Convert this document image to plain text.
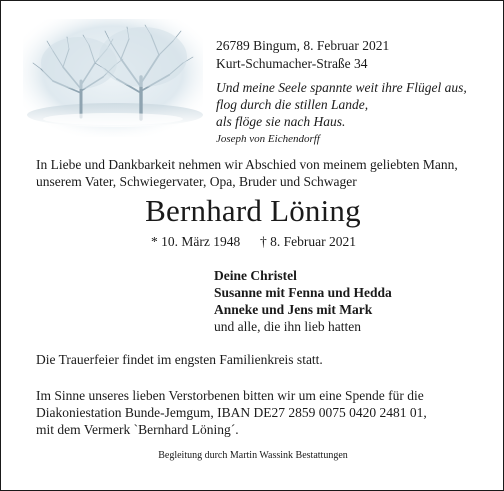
26789 Bingum, 8. Februar 2021
Kurt-Schumacher-Straße 34
Und meine Seele spannte weit ihre Flügel aus,
flog durch die stillen Lande,
als flöge sie nach Haus.
Joseph von Eichendorff
In Liebe und Dankbarkeit nehmen wir Abschied von meinem geliebten Mann,
unserem Vater, Schwiegervater, Opa, Bruder und Schwager
Bernhard Löning
* 10. März 1948 † 8. Februar 2021
Deine Christel
Susanne mit Fenna und Hedda
Anneke und Jens mit Mark
und alle, die ihn lieb hatten
Die Trauerfeier findet im engsten Familienkreis statt.
Im Sinne unseres lieben Verstorbenen bitten wir um eine Spende für die
Diakoniestation Bunde-Jemgum, IBAN DE27 2859 0075 0420 2481 01,
mit dem Vermerk `Bernhard Löning´.
Begleitung durch Martin Wassink Bestattungen
